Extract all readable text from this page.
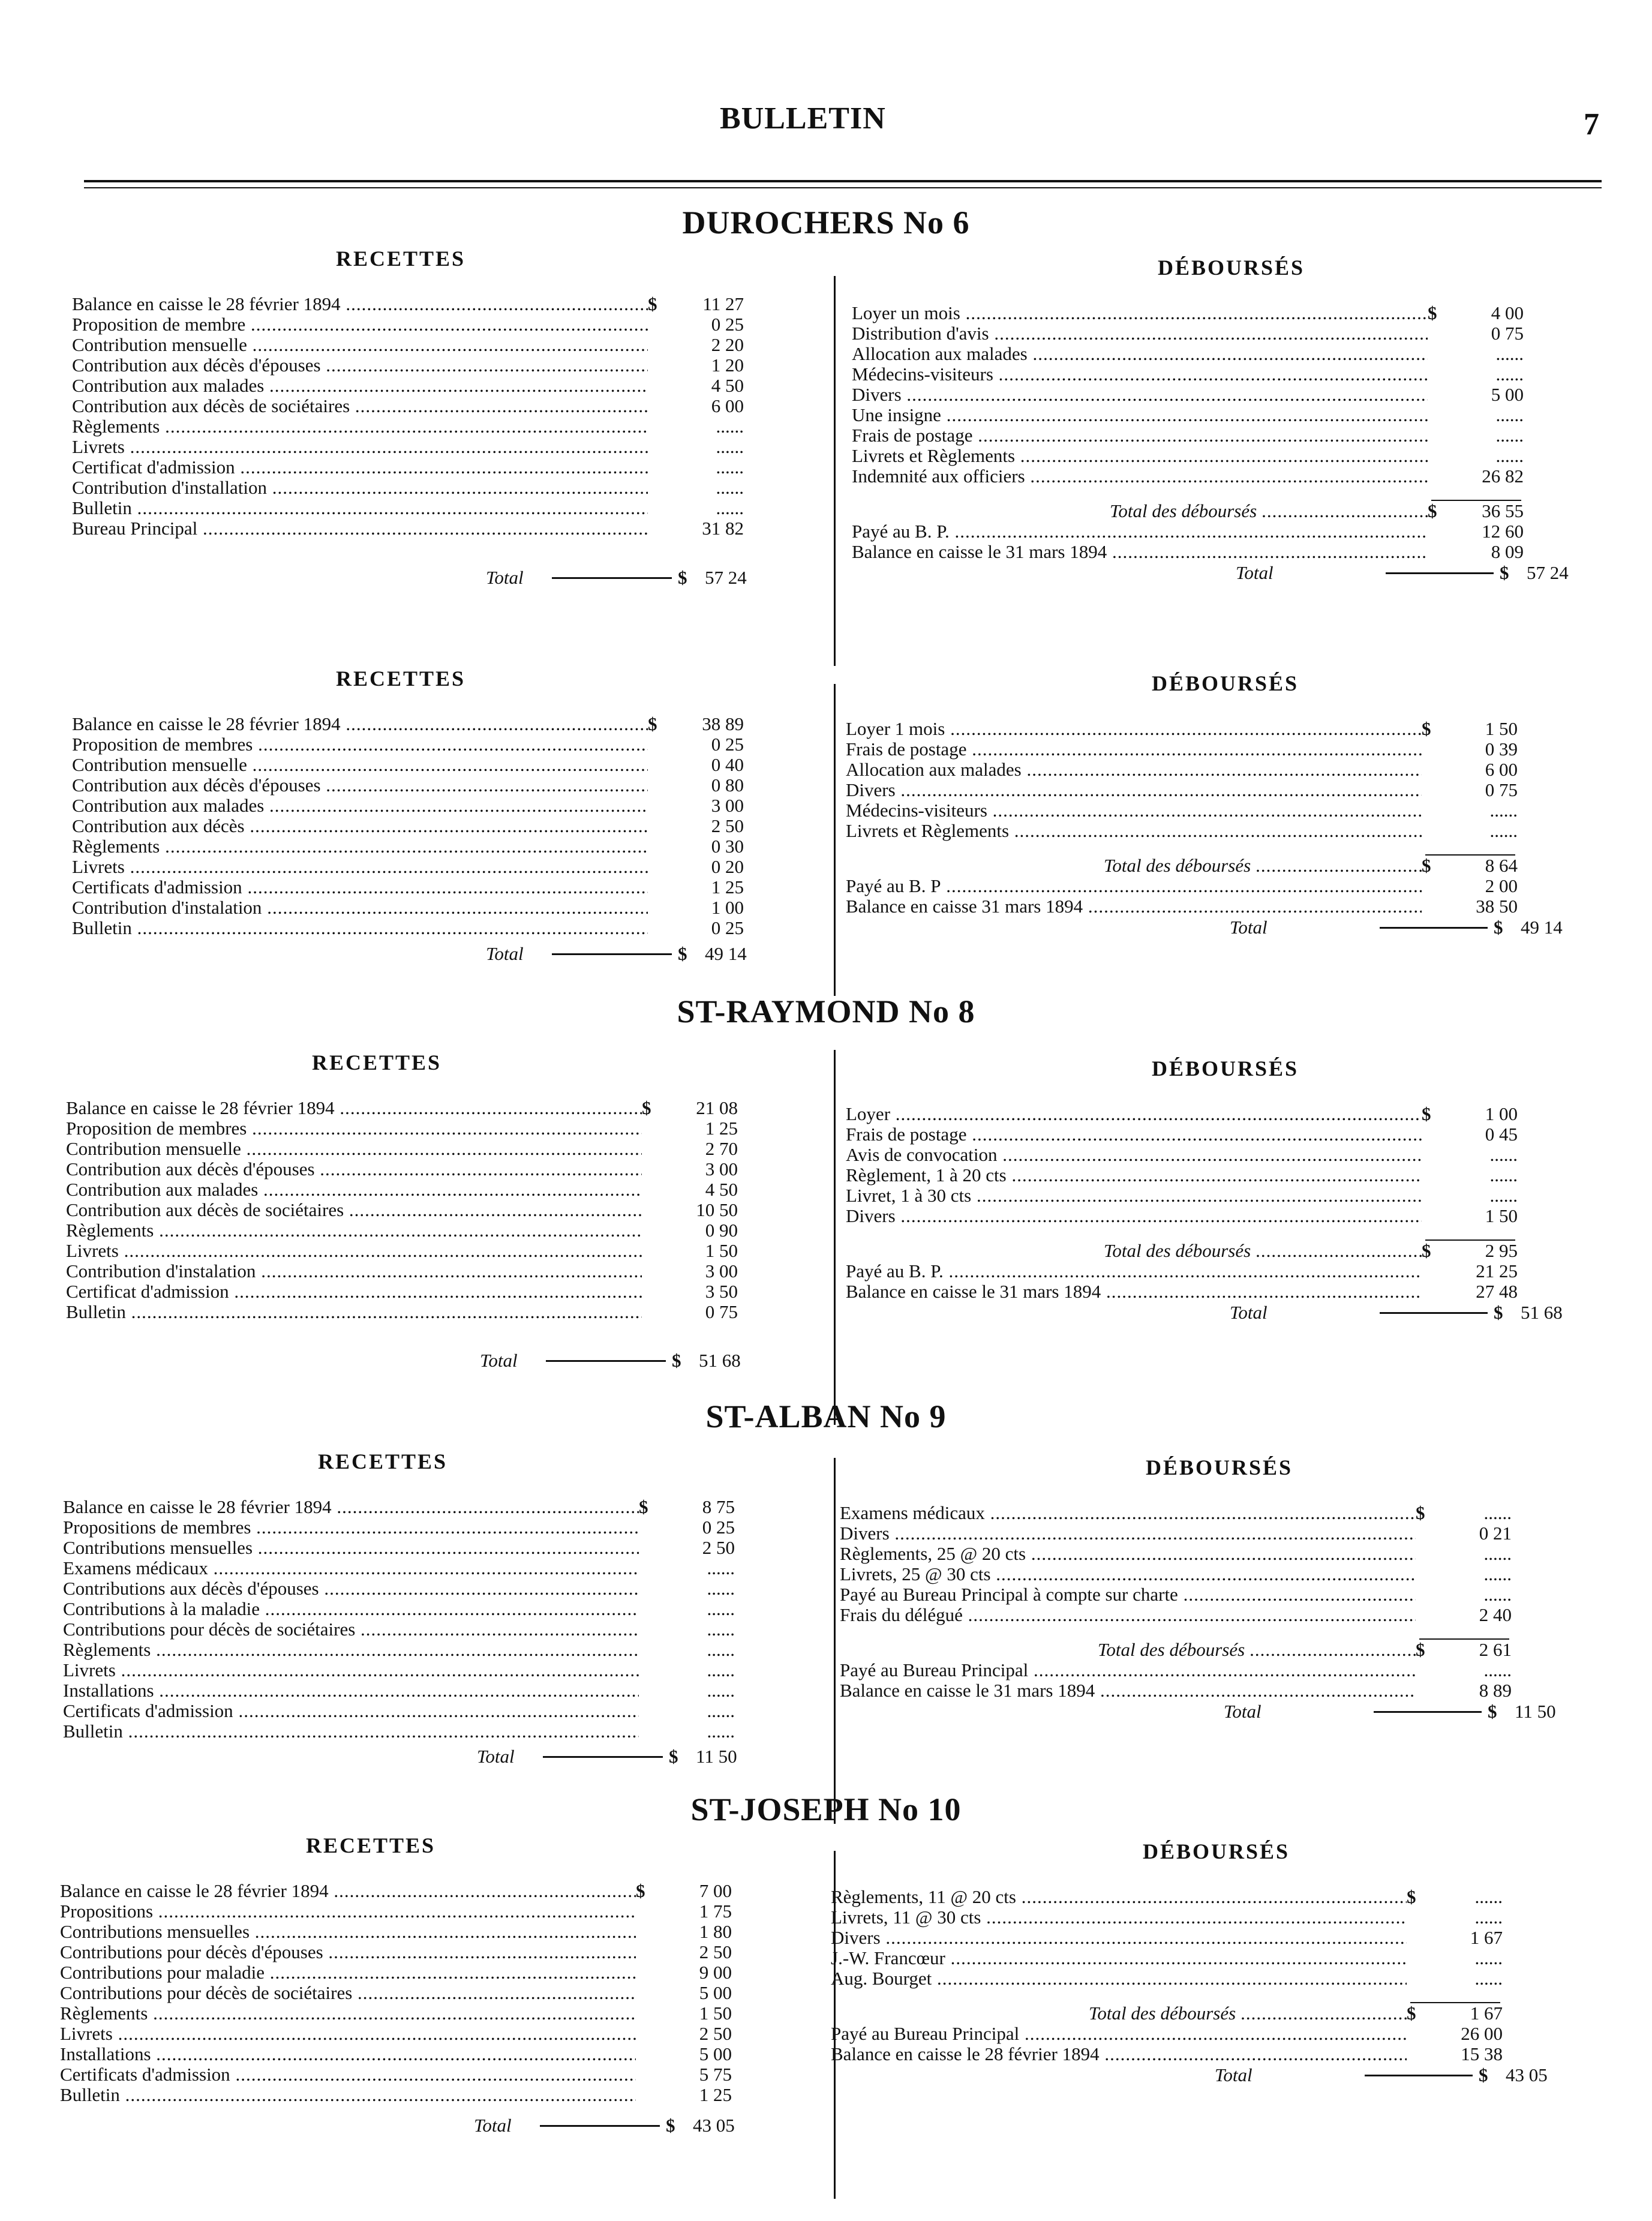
BULLETIN	7
DUROCHERS No 6
RECETTES
Balance en caisse le 28 février 1894 .....	$	11 27
Proposition de membre .....	0 25
Contribution mensuelle .....	2 20
Contribution aux décès d'épouses .....	1 20
Contribution aux malades .....	4 50
Contribution aux décès de sociétaires .....	6 00
Règlements .....	......
Livrets .....	......
Certificat d'admission .....	......
Contribution d'installation .....	......
Bulletin .....	......
Bureau Principal .....	31 82
Total	$ 57 24
DÉBOURSÉS
Loyer un mois .....	$	4 00
Distribution d'avis .....	0 75
Allocation aux malades .....	......
Médecins-visiteurs .....	......
Divers .....	5 00
Une insigne .....	......
Frais de postage .....	......
Livrets et Règlements .....	......
Indemnité aux officiers .....	26 82
Total des déboursés .....	$	36 55
Payé au B. P. .....	12 60
Balance en caisse le 31 mars 1894 .....	8 09
Total	$ 57 24
RECETTES
Balance en caisse le 28 février 1894 .....	$	38 89
Proposition de membres .....	0 25
Contribution mensuelle .....	0 40
Contribution aux décès d'épouses .....	0 80
Contribution aux malades .....	3 00
Contribution aux décès .....	2 50
Règlements .....	0 30
Livrets .....	0 20
Certificats d'admission .....	1 25
Contribution d'instalation .....	1 00
Bulletin .....	0 25
Total	$ 49 14
DÉBOURSÉS
Loyer 1 mois .....	$	1 50
Frais de postage .....	0 39
Allocation aux malades .....	6 00
Divers .....	0 75
Médecins-visiteurs .....	......
Livrets et Règlements .....	......
Total des déboursés .....	$	8 64
Payé au B. P .....	2 00
Balance en caisse 31 mars 1894 .....	38 50
Total	$ 49 14
ST-RAYMOND No 8
RECETTES
Balance en caisse le 28 février 1894 .....	$	21 08
Proposition de membres .....	1 25
Contribution mensuelle .....	2 70
Contribution aux décès d'épouses .....	3 00
Contribution aux malades .....	4 50
Contribution aux décès de sociétaires .....	10 50
Règlements .....	0 90
Livrets .....	1 50
Contribution d'instalation .....	3 00
Certificat d'admission .....	3 50
Bulletin .....	0 75
Total	$ 51 68
DÉBOURSÉS
Loyer .....	$	1 00
Frais de postage .....	0 45
Avis de convocation .....	......
Règlement, 1 à 20 cts .....	......
Livret, 1 à 30 cts .....	......
Divers .....	1 50
Total des déboursés .....	$	2 95
Payé au B. P. .....	21 25
Balance en caisse le 31 mars 1894 .....	27 48
Total	$ 51 68
ST-ALBAN No 9
RECETTES
Balance en caisse le 28 février 1894 .....	$	8 75
Propositions de membres .....	0 25
Contributions mensuelles .....	2 50
Examens médicaux .....	......
Contributions aux décès d'épouses .....	......
Contributions à la maladie .....	......
Contributions pour décès de sociétaires .....	......
Règlements .....	......
Livrets .....	......
Installations .....	......
Certificats d'admission .....	......
Bulletin .....	......
Total	$ 11 50
DÉBOURSÉS
Examens médicaux .....	$	......
Divers .....	0 21
Règlements, 25 @ 20 cts .....	......
Livrets, 25 @ 30 cts .....	......
Payé au Bureau Principal à compte sur charte .....	......
Frais du délégué .....	2 40
Total des déboursés .....	$	2 61
Payé au Bureau Principal .....	......
Balance en caisse le 31 mars 1894 .....	8 89
Total	$ 11 50
ST-JOSEPH No 10
RECETTES
Balance en caisse le 28 février 1894 .....	$	7 00
Propositions .....	1 75
Contributions mensuelles .....	1 80
Contributions pour décès d'épouses .....	2 50
Contributions pour maladie .....	9 00
Contributions pour décès de sociétaires .....	5 00
Règlements .....	1 50
Livrets .....	2 50
Installations .....	5 00
Certificats d'admission .....	5 75
Bulletin .....	1 25
Total	$ 43 05
DÉBOURSÉS
Règlements, 11 @ 20 cts .....	$	......
Livrets, 11 @ 30 cts .....	......
Divers .....	1 67
J.-W. Francœur .....	......
Aug. Bourget .....	......
Total des déboursés .....	$	1 67
Payé au Bureau Principal .....	26 00
Balance en caisse le 28 février 1894 .....	15 38
Total	$ 43 05
